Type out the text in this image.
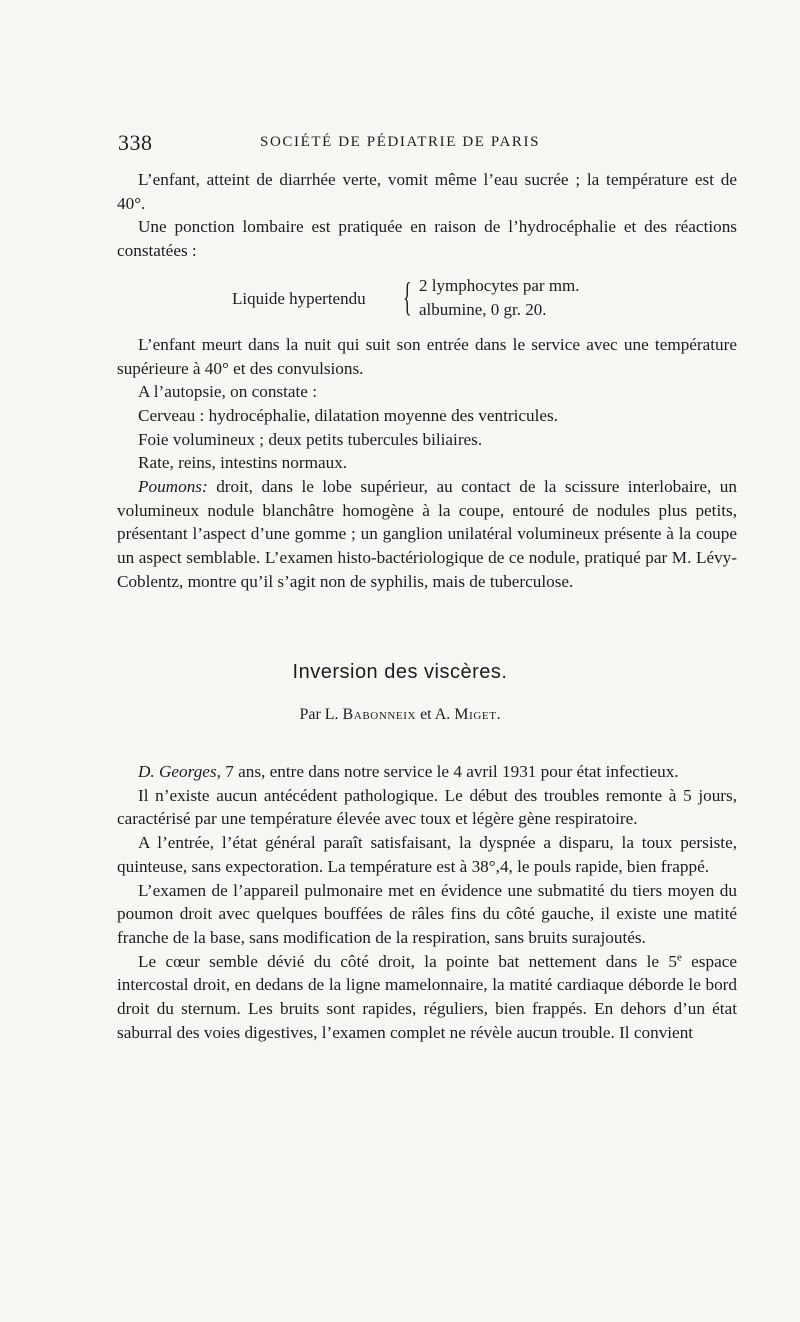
338	SOCIÉTÉ DE PÉDIATRIE DE PARIS

L’enfant, atteint de diarrhée verte, vomit même l’eau sucrée ; la température est de 40°.

Une ponction lombaire est pratiquée en raison de l’hydrocéphalie et des réactions constatées :

Liquide hypertendu { 2 lymphocytes par mm.
albumine, 0 gr. 20.

L’enfant meurt dans la nuit qui suit son entrée dans le service avec une température supérieure à 40° et des convulsions.

A l’autopsie, on constate :

Cerveau : hydrocéphalie, dilatation moyenne des ventricules.

Foie volumineux ; deux petits tubercules biliaires.

Rate, reins, intestins normaux.

Poumons: droit, dans le lobe supérieur, au contact de la scissure interlobaire, un volumineux nodule blanchâtre homogène à la coupe, entouré de nodules plus petits, présentant l’aspect d’une gomme ; un ganglion unilatéral volumineux présente à la coupe un aspect semblable. L’examen histo-bactériologique de ce nodule, pratiqué par M. Lévy-Coblentz, montre qu’il s’agit non de syphilis, mais de tuberculose.

Inversion des viscères.
Par L. Babonneix et A. Miget.

D. Georges, 7 ans, entre dans notre service le 4 avril 1931 pour état infectieux.

Il n’existe aucun antécédent pathologique. Le début des troubles remonte à 5 jours, caractérisé par une température élevée avec toux et légère gène respiratoire.

A l’entrée, l’état général paraît satisfaisant, la dyspnée a disparu, la toux persiste, quinteuse, sans expectoration. La température est à 38°,4, le pouls rapide, bien frappé.

L’examen de l’appareil pulmonaire met en évidence une submatité du tiers moyen du poumon droit avec quelques bouffées de râles fins du côté gauche, il existe une matité franche de la base, sans modification de la respiration, sans bruits surajoutés.

Le cœur semble dévié du côté droit, la pointe bat nettement dans le 5e espace intercostal droit, en dedans de la ligne mamelonnaire, la matité cardiaque déborde le bord droit du sternum. Les bruits sont rapides, réguliers, bien frappés. En dehors d’un état saburral des voies digestives, l’examen complet ne révèle aucun trouble. Il convient
